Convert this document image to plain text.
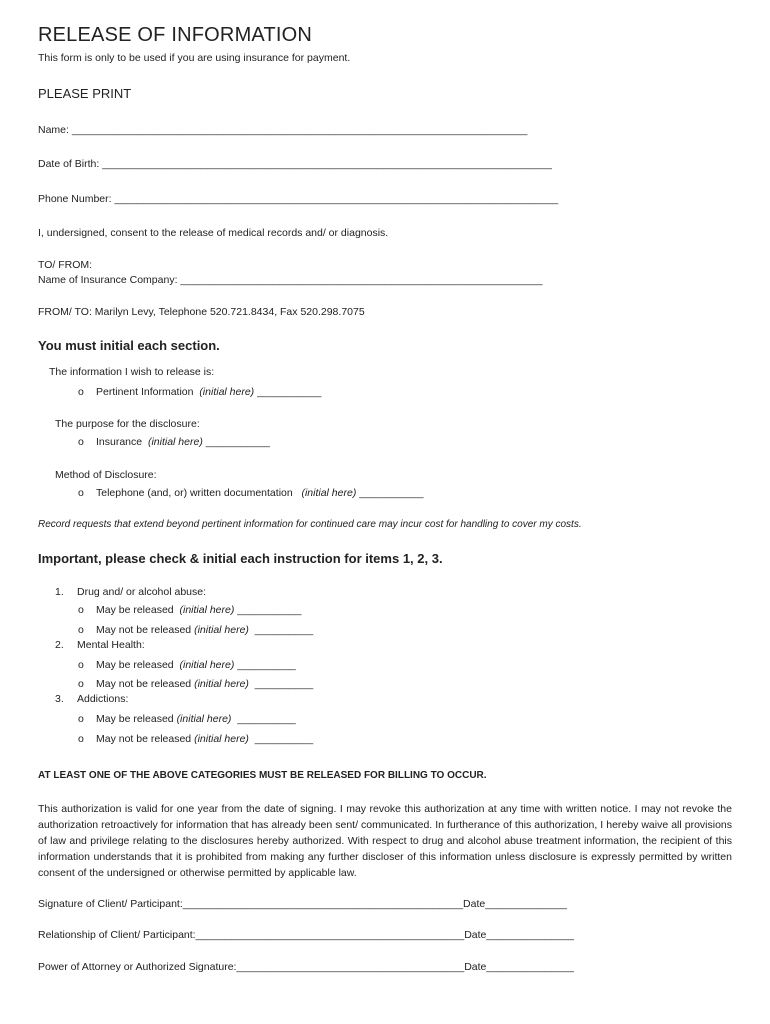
RELEASE OF INFORMATION
This form is only to be used if you are using insurance for payment.
PLEASE PRINT
Name: ______________________________________________________________________________
Date of Birth: _____________________________________________________________________________
Phone Number: ____________________________________________________________________________
I, undersigned, consent to the release of medical records and/ or diagnosis.
TO/ FROM:
Name of Insurance Company: ______________________________________________________________
FROM/ TO: Marilyn Levy, Telephone 520.721.8434, Fax 520.298.7075
You must initial each section.
The information I wish to release is:
o Pertinent Information (initial here) ___________
The purpose for the disclosure:
o Insurance (initial here) ___________
Method of Disclosure:
o Telephone (and, or) written documentation (initial here) ___________
Record requests that extend beyond pertinent information for continued care may incur cost for handling to cover my costs.
Important, please check & initial each instruction for items 1, 2, 3.
1. Drug and/ or alcohol abuse:
o May be released (initial here) ___________
o May not be released (initial here) __________
2. Mental Health:
o May be released (initial here) __________
o May not be released (initial here) __________
3. Addictions:
o May be released (initial here) __________
o May not be released (initial here) __________
AT LEAST ONE OF THE ABOVE CATEGORIES MUST BE RELEASED FOR BILLING TO OCCUR.
This authorization is valid for one year from the date of signing. I may revoke this authorization at any time with written notice. I may not revoke the authorization retroactively for information that has already been sent/ communicated. In furtherance of this authorization, I hereby waive all provisions of law and privilege relating to the disclosures hereby authorized. With respect to drug and alcohol abuse treatment information, the recipient of this information understands that it is prohibited from making any further discloser of this information unless disclosure is expressly permitted by written consent of the undersigned or otherwise permitted by applicable law.
Signature of Client/ Participant:________________________________________________Date______________
Relationship of Client/ Participant:______________________________________________Date_______________
Power of Attorney or Authorized Signature:_______________________________________Date_______________
